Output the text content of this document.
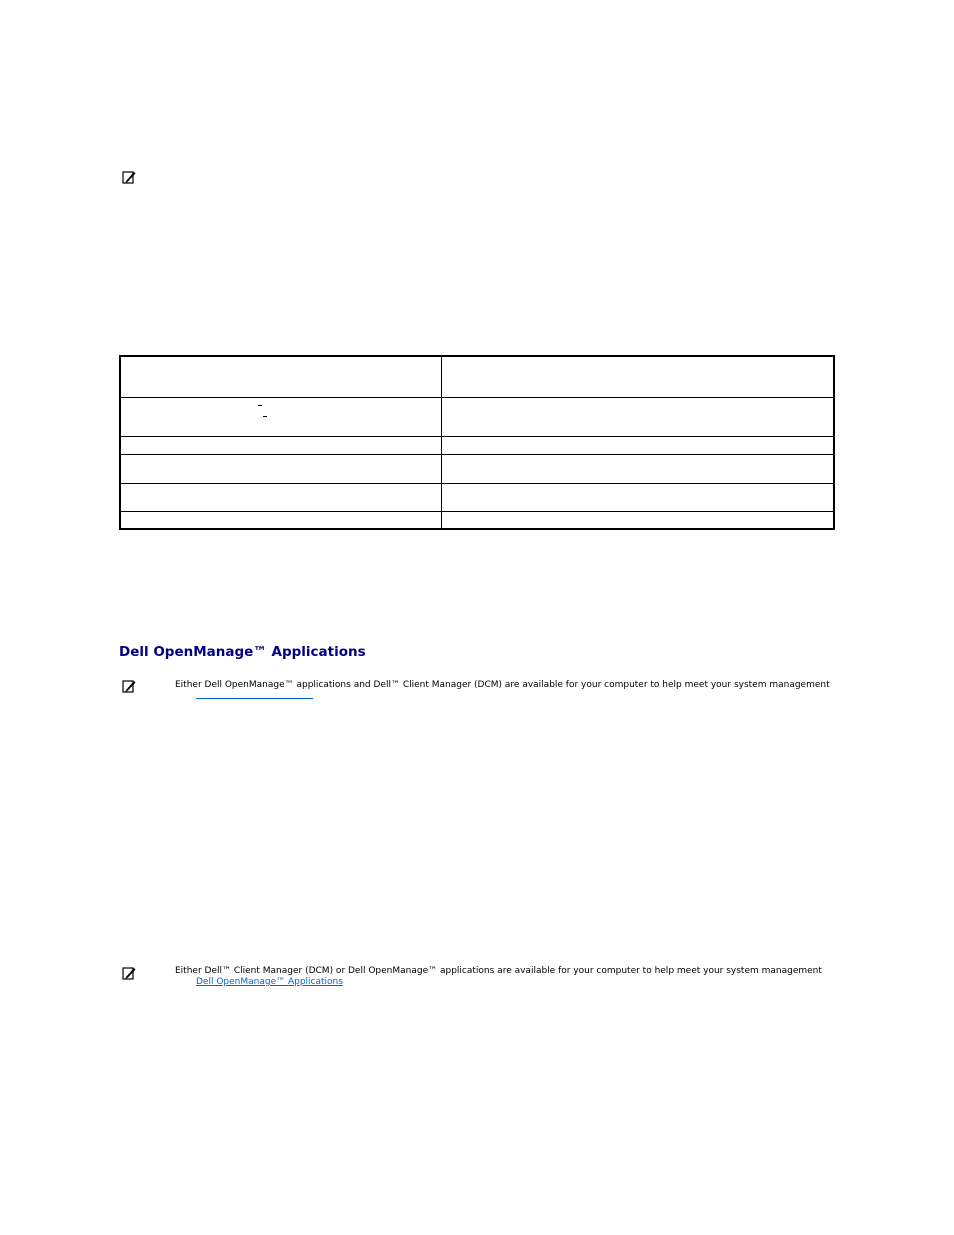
Dell OpenManage™ Applications
Either Dell OpenManage™ applications and Dell™ Client Manager (DCM) are available for your computer to help meet your system management
Either Dell™ Client Manager (DCM) or Dell OpenManage™ applications are available for your computer to help meet your system management
Dell OpenManage™ Applications
